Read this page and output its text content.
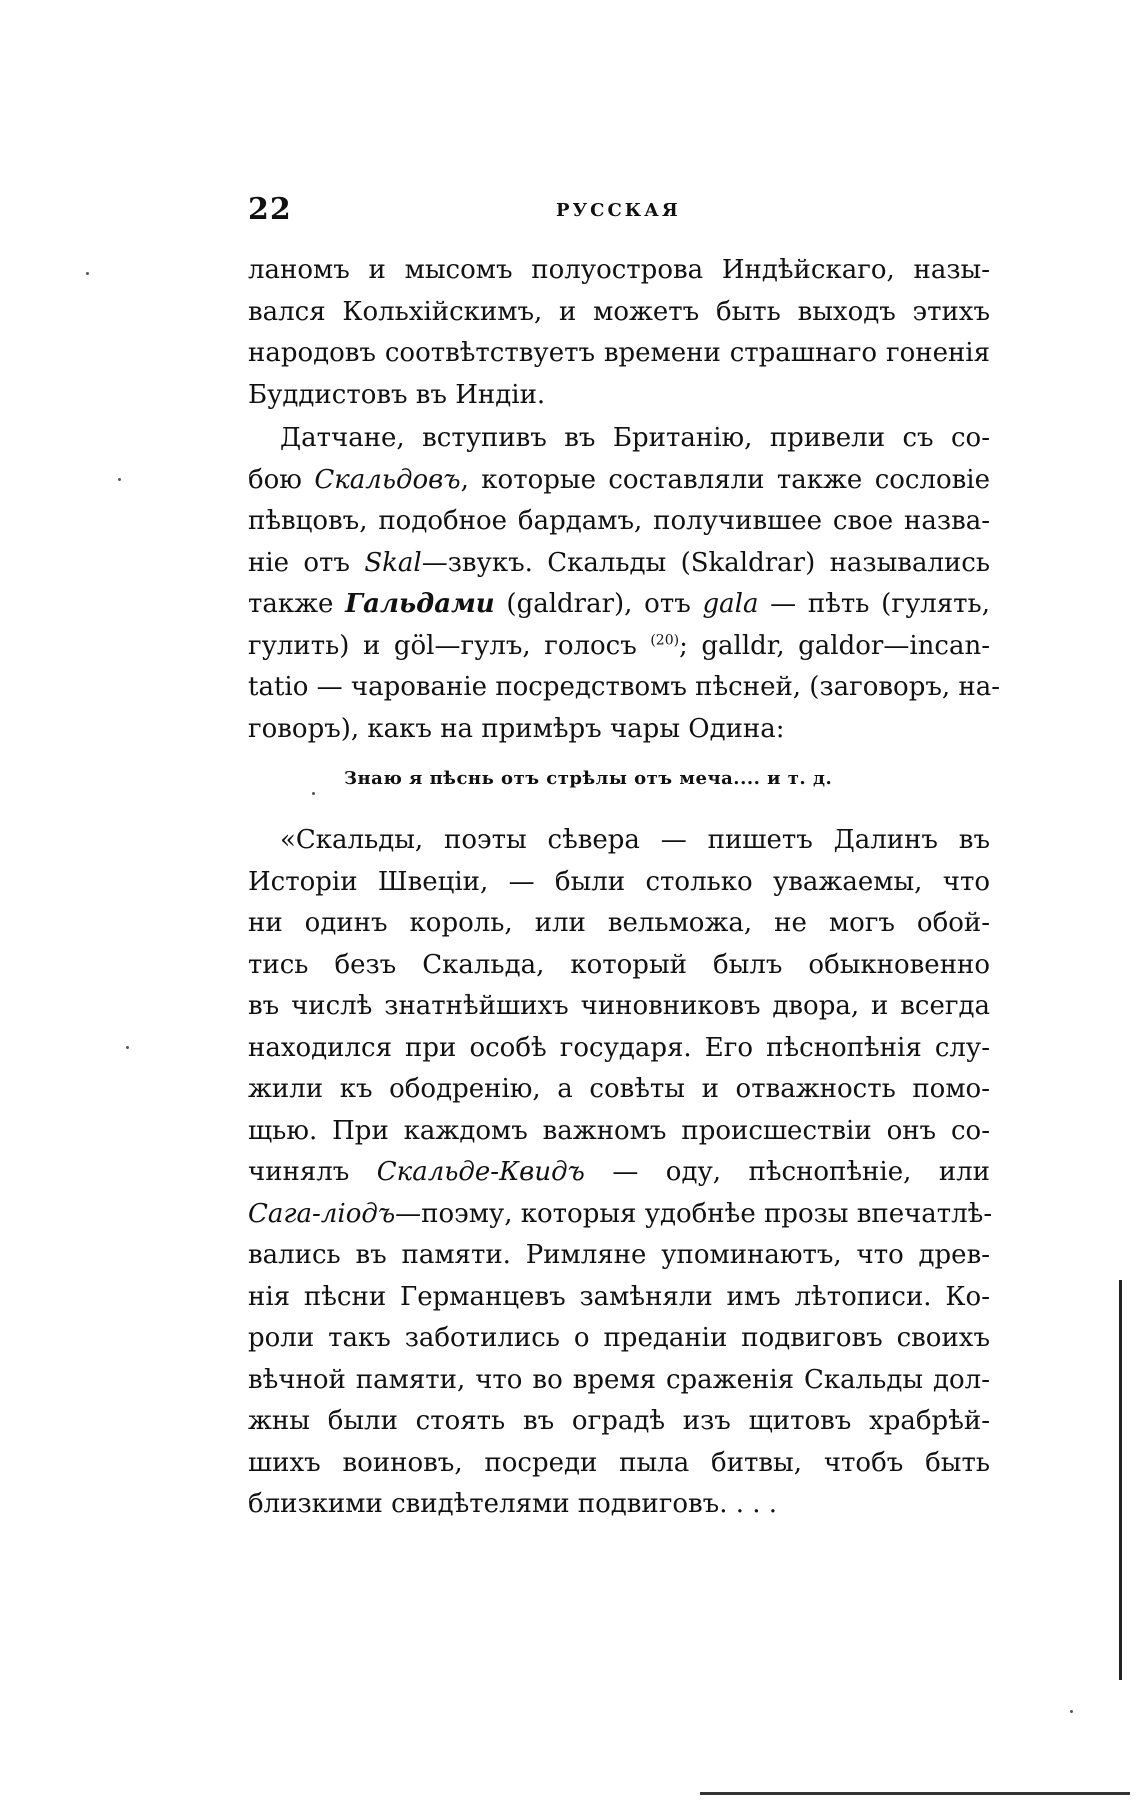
22	РУССКАЯ
ланомъ и мысомъ полуострова Индѣйскаго, назы-
вался Кольхійскимъ, и можетъ быть выходъ этихъ
народовъ соотвѣтствуетъ времени страшнаго гоненія
Буддистовъ въ Индіи.
Датчане, вступивъ въ Британію, привели съ со-
бою Скальдовъ, которые составляли также сословіе
пѣвцовъ, подобное бардамъ, получившее свое назва-
ніе отъ Skal—звукъ. Скальды (Skaldrar) назывались
также Гальдами (galdrar), отъ gala — пѣть (гулять,
гулить) и göl—гулъ, голосъ $^{(20)}$; galldr, galdor—incan-
tatio — чарованіе посредствомъ пѣсней, (заговоръ, на-
говоръ), какъ на примѣръ чары Одина:
Знаю я пѣснь отъ стрѣлы отъ меча.... и т. д.
«Скальды, поэты сѣвера — пишетъ Далинъ въ
Исторіи Швеціи, — были столько уважаемы, что
ни одинъ король, или вельможа, не могъ обой-
тись безъ Скальда, который былъ обыкновенно
въ числѣ знатнѣйшихъ чиновниковъ двора, и всегда
находился при особѣ государя. Его пѣснопѣнія слу-
жили къ ободренію, а совѣты и отважность помо-
щью. При каждомъ важномъ происшествіи онъ со-
чинялъ Скальде-Квидъ — оду, пѣснопѣніе, или
Сага-ліодъ—поэму, которыя удобнѣе прозы впечатлѣ-
вались въ памяти. Римляне упоминаютъ, что древ-
нія пѣсни Германцевъ замѣняли имъ лѣтописи. Ко-
роли такъ заботились о преданіи подвиговъ своихъ
вѣчной памяти, что во время сраженія Скальды дол-
жны были стоять въ оградѣ изъ щитовъ храбрѣй-
шихъ воиновъ, посреди пыла битвы, чтобъ быть
близкими свидѣтелями подвиговъ. . . .
